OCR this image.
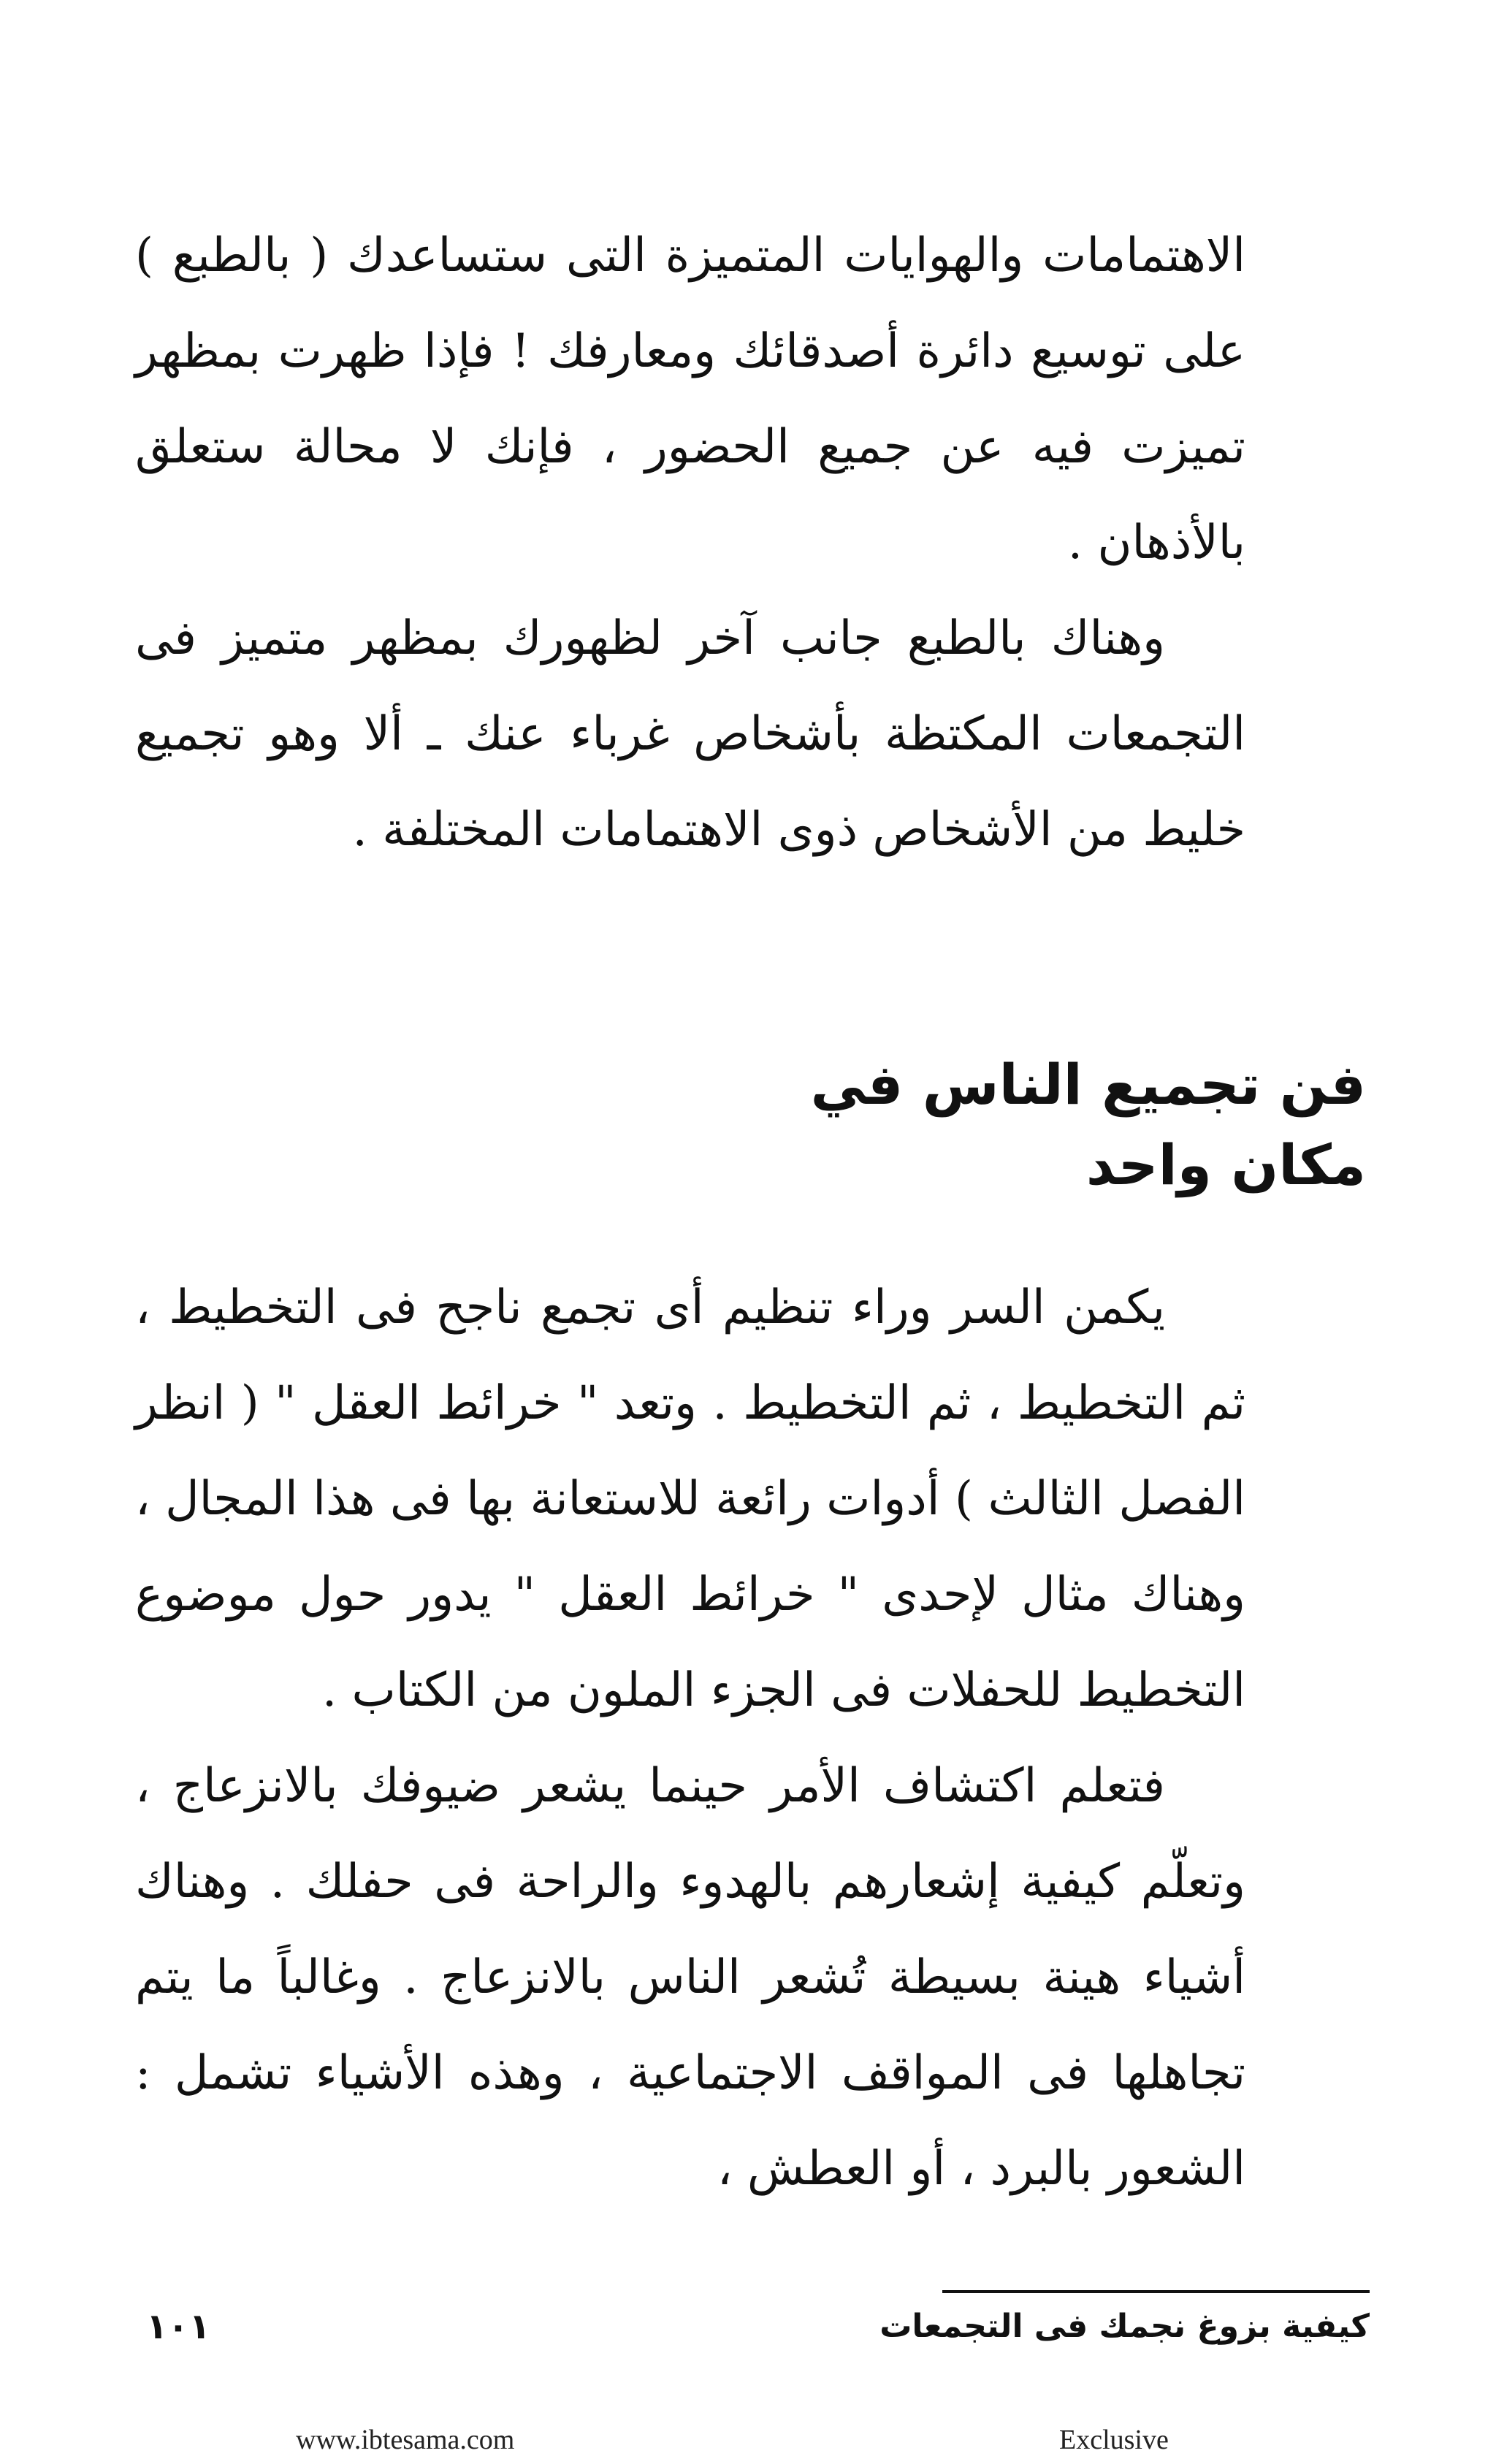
الاهتمامات والهوايات المتميزة التى ستساعدك ( بالطبع ) على توسيع دائرة أصدقائك ومعارفك ! فإذا ظهرت بمظهر تميزت فيه عن جميع الحضور ، فإنك لا محالة ستعلق بالأذهان .

وهناك بالطبع جانب آخر لظهورك بمظهر متميز فى التجمعات المكتظة بأشخاص غرباء عنك ـ ألا وهو تجميع خليط من الأشخاص ذوى الاهتمامات المختلفة .

فن تجميع الناس في مكان واحد

يكمن السر وراء تنظيم أى تجمع ناجح فى التخطيط ، ثم التخطيط ، ثم التخطيط . وتعد " خرائط العقل " ( انظر الفصل الثالث ) أدوات رائعة للاستعانة بها فى هذا المجال ، وهناك مثال لإحدى " خرائط العقل " يدور حول موضوع التخطيط للحفلات فى الجزء الملون من الكتاب .

فتعلم اكتشاف الأمر حينما يشعر ضيوفك بالانزعاج ، وتعلّم كيفية إشعارهم بالهدوء والراحة فى حفلك . وهناك أشياء هينة بسيطة تُشعر الناس بالانزعاج . وغالباً ما يتم تجاهلها فى المواقف الاجتماعية ، وهذه الأشياء تشمل : الشعور بالبرد ، أو العطش ،

كيفية بزوغ نجمك فى التجمعات
١٠١
www.ibtesama.com	Exclusive
